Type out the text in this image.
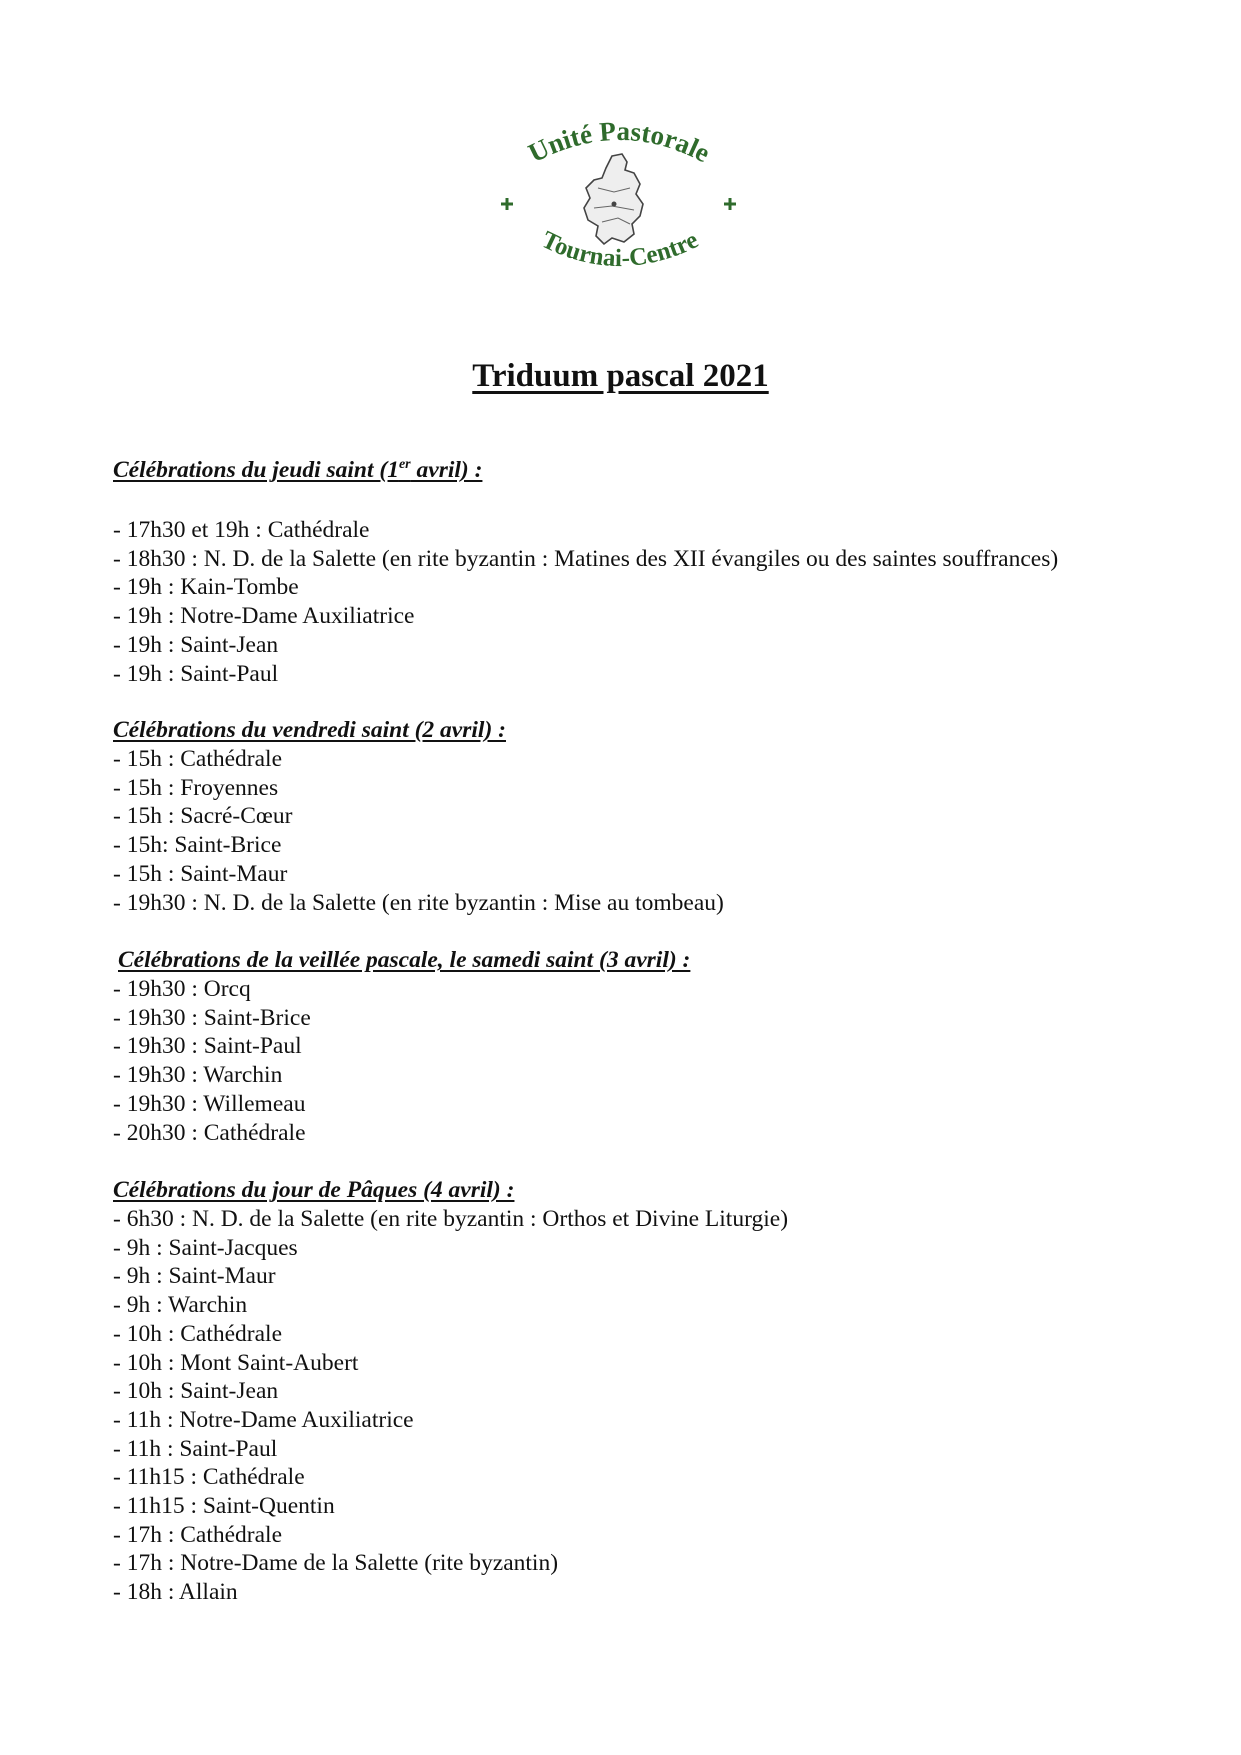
Unité Pastorale
Tournai-Centre
Triduum pascal 2021

Célébrations du jeudi saint (1er avril) :

- 17h30 et 19h : Cathédrale
- 18h30 : N. D. de la Salette (en rite byzantin : Matines des XII évangiles ou des saintes souffrances)
- 19h : Kain-Tombe
- 19h : Notre-Dame Auxiliatrice
- 19h : Saint-Jean
- 19h : Saint-Paul

Célébrations du vendredi saint (2 avril) :

- 15h : Cathédrale
- 15h : Froyennes
- 15h : Sacré-Cœur
- 15h: Saint-Brice
- 15h : Saint-Maur
- 19h30 : N. D. de la Salette (en rite byzantin : Mise au tombeau)

Célébrations de la veillée pascale, le samedi saint (3 avril) :

- 19h30 : Orcq
- 19h30 : Saint-Brice
- 19h30 : Saint-Paul
- 19h30 : Warchin
- 19h30 : Willemeau
- 20h30 : Cathédrale

Célébrations du jour de Pâques (4 avril) :

- 6h30 : N. D. de la Salette (en rite byzantin : Orthos et Divine Liturgie)
- 9h : Saint-Jacques
- 9h : Saint-Maur
- 9h : Warchin
- 10h : Cathédrale
- 10h : Mont Saint-Aubert
- 10h : Saint-Jean
- 11h : Notre-Dame Auxiliatrice
- 11h : Saint-Paul
- 11h15 : Cathédrale
- 11h15 : Saint-Quentin
- 17h : Cathédrale
- 17h : Notre-Dame de la Salette (rite byzantin)
- 18h : Allain
